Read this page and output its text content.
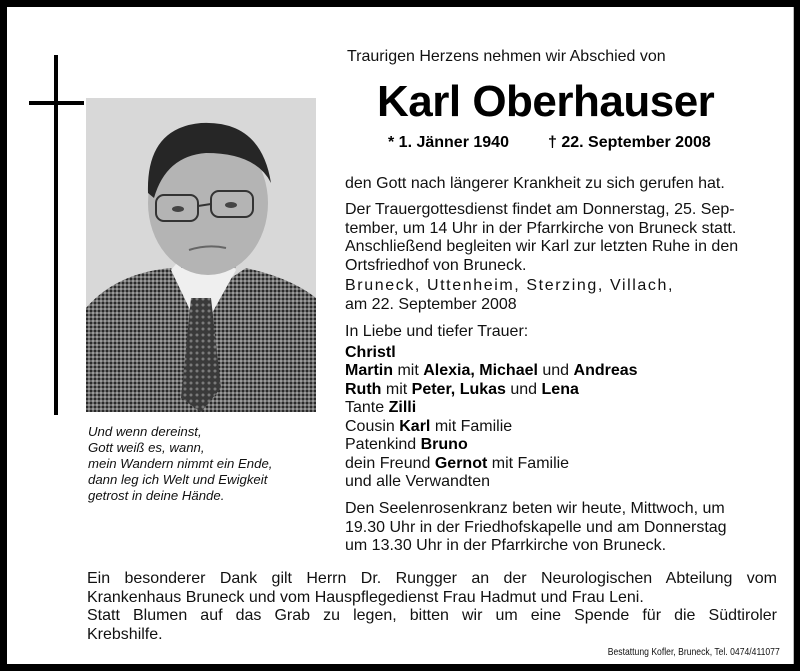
Und wenn dereinst,
Gott weiß es, wann,
mein Wandern nimmt ein Ende,
dann leg ich Welt und Ewigkeit
getrost in deine Hände.
Traurigen Herzens nehmen wir Abschied von
Karl Oberhauser
* 1. Jänner 1940 † 22. September 2008
den Gott nach längerer Krankheit zu sich gerufen hat.
Der Trauergottesdienst findet am Donnerstag, 25. Sep-
tember, um 14 Uhr in der Pfarrkirche von Bruneck statt.
Anschließend begleiten wir Karl zur letzten Ruhe in den
Ortsfriedhof von Bruneck.
Bruneck, Uttenheim, Sterzing, Villach,
am 22. September 2008
In Liebe und tiefer Trauer:
Christl
Martin mit Alexia, Michael und Andreas
Ruth mit Peter, Lukas und Lena
Tante Zilli
Cousin Karl mit Familie
Patenkind Bruno
dein Freund Gernot mit Familie
und alle Verwandten
Den Seelenrosenkranz beten wir heute, Mittwoch, um
19.30 Uhr in der Friedhofskapelle und am Donnerstag
um 13.30 Uhr in der Pfarrkirche von Bruneck.
Ein besonderer Dank gilt Herrn Dr. Rungger an der Neurologischen Abteilung vom
Krankenhaus Bruneck und vom Hauspflegedienst Frau Hadmut und Frau Leni.
Statt Blumen auf das Grab zu legen, bitten wir um eine Spende für die Südtiroler
Krebshilfe.
Bestattung Kofler, Bruneck, Tel. 0474/411077
